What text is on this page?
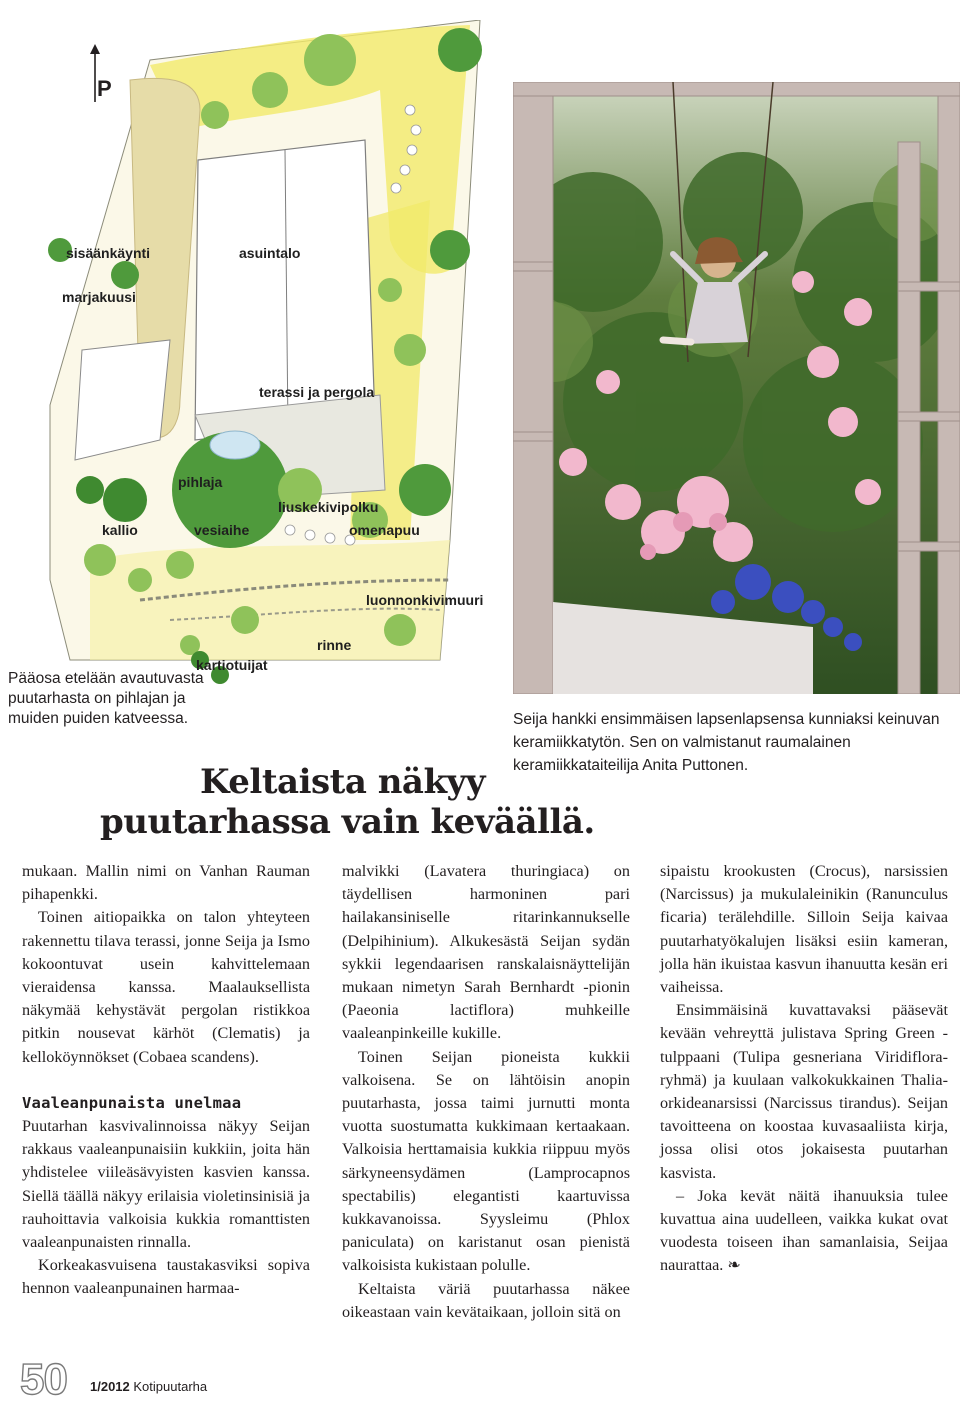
P
sisäänkäynti	asuintalo
marjakuusi
terassi ja pergola
pihlaja
liuskekivipolku
kallio	vesiaihe	omenapuu
luonnonkivimuuri
rinne
kartiotuijat
Pääosa etelään avautuvasta puutarhasta on pihlajan ja muiden puiden katveessa.	Seija hankki ensimmäisen lapsenlapsensa kunniaksi keinuvan keramiikkatytön. Sen on valmistanut raumalainen keramiikkataiteilija Anita Puttonen.
Keltaista näkyy
puutarhassa vain keväällä.

mukaan. Mallin nimi on Vanhan Rauman pihapenkki.

Toinen aitiopaikka on talon yhteyteen rakennettu tilava terassi, jonne Seija ja Ismo kokoontuvat usein kahvittelemaan vieraidensa kanssa. Maalauksellista näkymää kehystävät pergolan ristikkoa pitkin nousevat kärhöt (Clematis) ja kelloköynnökset (Cobaea scandens).

Vaaleanpunaista unelmaa

Puutarhan kasvivalinnoissa näkyy Seijan rakkaus vaaleanpunaisiin kukkiin, joita hän yhdistelee viileäsävyisten kasvien kanssa. Siellä täällä näkyy erilaisia violetinsinisiä ja rauhoittavia valkoisia kukkia romanttisten vaaleanpunaisten rinnalla.

Korkeakasvuisena taustakasviksi sopiva hennon vaaleanpunainen harmaa-

malvikki (Lavatera thuringiaca) on täydellisen harmoninen pari hailakansiniselle ritarinkannukselle (Delpihinium). Alkukesästä Seijan sydän sykkii legendaarisen ranskalaisnäyttelijän mukaan nimetyn Sarah Bernhardt -pionin (Paeonia lactiflora) muhkeille vaaleanpinkeille kukille.

Toinen Seijan pioneista kukkii valkoisena. Se on lähtöisin anopin puutarhasta, jossa taimi jurnutti monta vuotta suostumatta kukkimaan kertaakaan. Valkoisia herttamaisia kukkia riippuu myös särkyneensydämen (Lamprocapnos spectabilis) elegantisti kaartuvissa kukkavanoissa. Syysleimu (Phlox paniculata) on karistanut osan pienistä valkoisista kukistaan polulle.

Keltaista väriä puutarhassa näkee oikeastaan vain kevätaikaan, jolloin sitä on

sipaistu krookusten (Crocus), narsissien (Narcissus) ja mukulaleinikin (Ranunculus ficaria) terälehdille. Silloin Seija kaivaa puutarhatyökalujen lisäksi esiin kameran, jolla hän ikuistaa kasvun ihanuutta kesän eri vaiheissa.

Ensimmäisinä kuvattavaksi pääsevät kevään vehreyttä julistava Spring Green -tulppaani (Tulipa gesneriana Viridiflora-ryhmä) ja kuulaan valkokukkainen Thalia-orkideanarsissi (Narcissus tirandus). Seijan tavoitteena on koostaa kuvasaaliista kirja, jossa olisi otos jokaisesta puutarhan kasvista.

– Joka kevät näitä ihanuuksia tulee kuvattua aina uudelleen, vaikka kukat ovat vuodesta toiseen ihan samanlaisia, Seijaa naurattaa. ❧

50 1/2012 Kotipuutarha
